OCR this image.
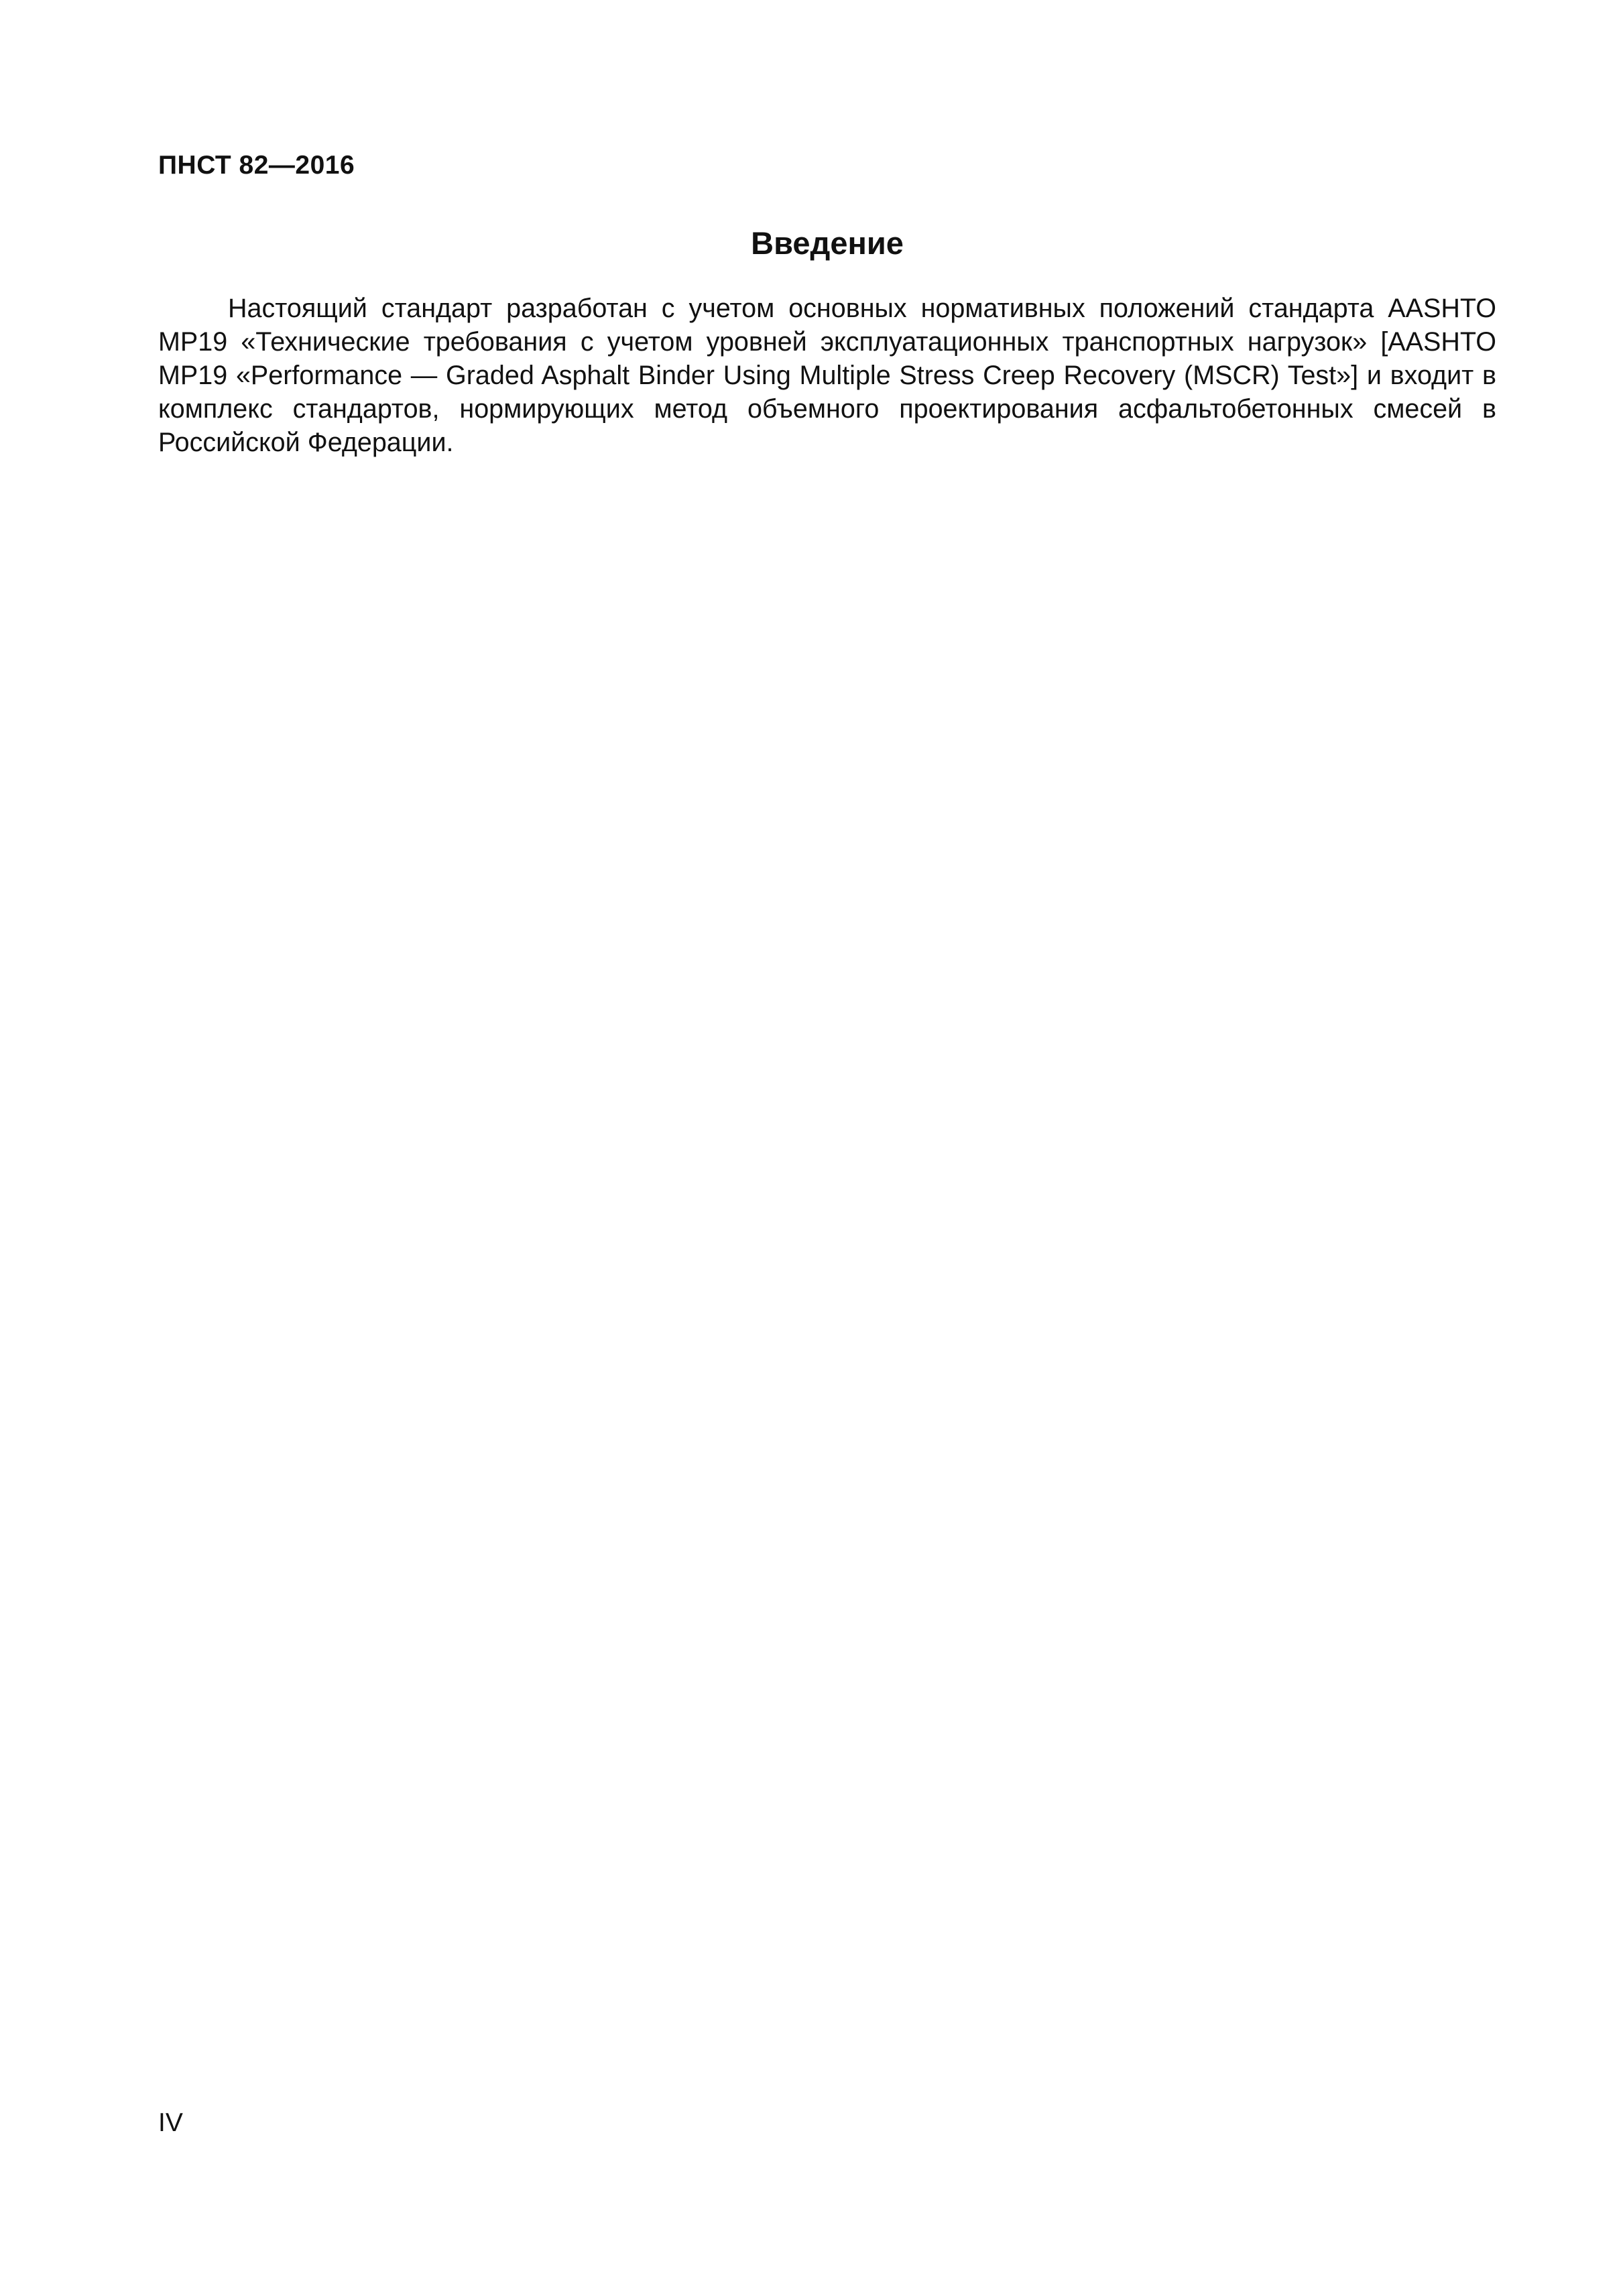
ПНСТ 82—2016
Введение

Настоящий стандарт разработан с учетом основных нормативных положений стандарта AASHTO MP19 «Технические требования с учетом уровней эксплуатационных транспортных нагрузок» [AASHTO MP19 «Performance — Graded Asphalt Binder Using Multiple Stress Creep Recovery (MSCR) Test»] и входит в комплекс стандартов, нормирующих метод объемного проектирования асфальтобетонных смесей в Российской Федерации.

IV
